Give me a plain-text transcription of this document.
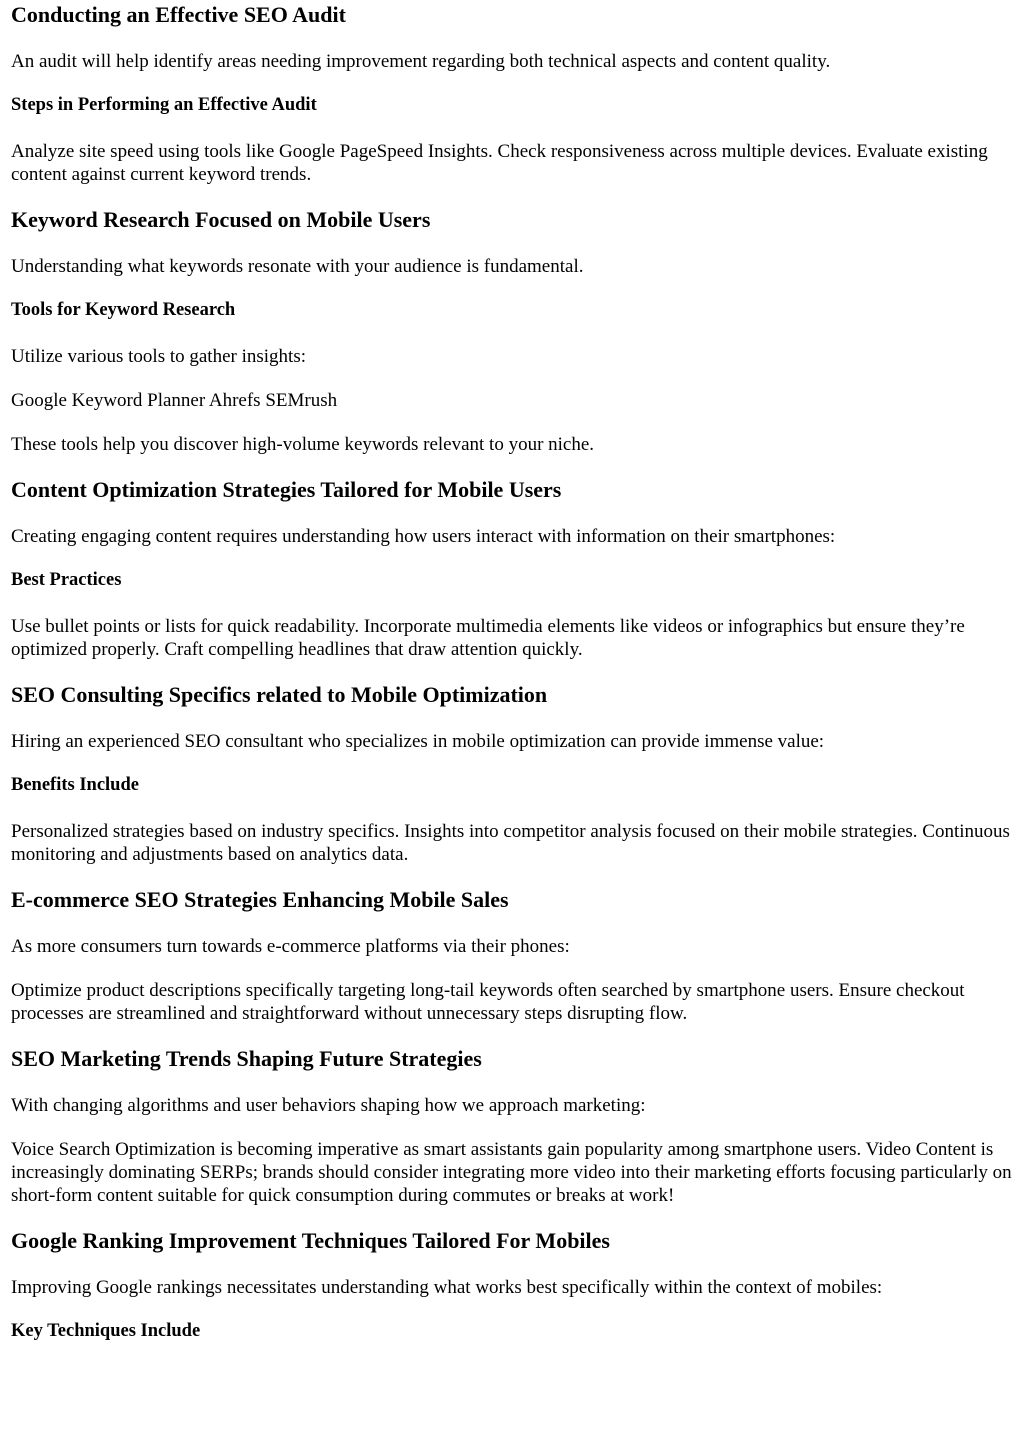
Conducting an Effective SEO Audit

An audit will help identify areas needing improvement regarding both technical aspects and content quality.

Steps in Performing an Effective Audit

Analyze site speed using tools like Google PageSpeed Insights. Check responsiveness across multiple devices. Evaluate existing content against current keyword trends.

Keyword Research Focused on Mobile Users

Understanding what keywords resonate with your audience is fundamental.

Tools for Keyword Research

Utilize various tools to gather insights:

Google Keyword Planner Ahrefs SEMrush

These tools help you discover high-volume keywords relevant to your niche.

Content Optimization Strategies Tailored for Mobile Users

Creating engaging content requires understanding how users interact with information on their smartphones:

Best Practices

Use bullet points or lists for quick readability. Incorporate multimedia elements like videos or infographics but ensure they’re optimized properly. Craft compelling headlines that draw attention quickly.

SEO Consulting Specifics related to Mobile Optimization

Hiring an experienced SEO consultant who specializes in mobile optimization can provide immense value:

Benefits Include

Personalized strategies based on industry specifics. Insights into competitor analysis focused on their mobile strategies. Continuous monitoring and adjustments based on analytics data.

E-commerce SEO Strategies Enhancing Mobile Sales

As more consumers turn towards e-commerce platforms via their phones:

Optimize product descriptions specifically targeting long-tail keywords often searched by smartphone users. Ensure checkout processes are streamlined and straightforward without unnecessary steps disrupting flow.

SEO Marketing Trends Shaping Future Strategies

With changing algorithms and user behaviors shaping how we approach marketing:

Voice Search Optimization is becoming imperative as smart assistants gain popularity among smartphone users. Video Content is increasingly dominating SERPs; brands should consider integrating more video into their marketing efforts focusing particularly on short-form content suitable for quick consumption during commutes or breaks at work!

Google Ranking Improvement Techniques Tailored For Mobiles

Improving Google rankings necessitates understanding what works best specifically within the context of mobiles:

Key Techniques Include
